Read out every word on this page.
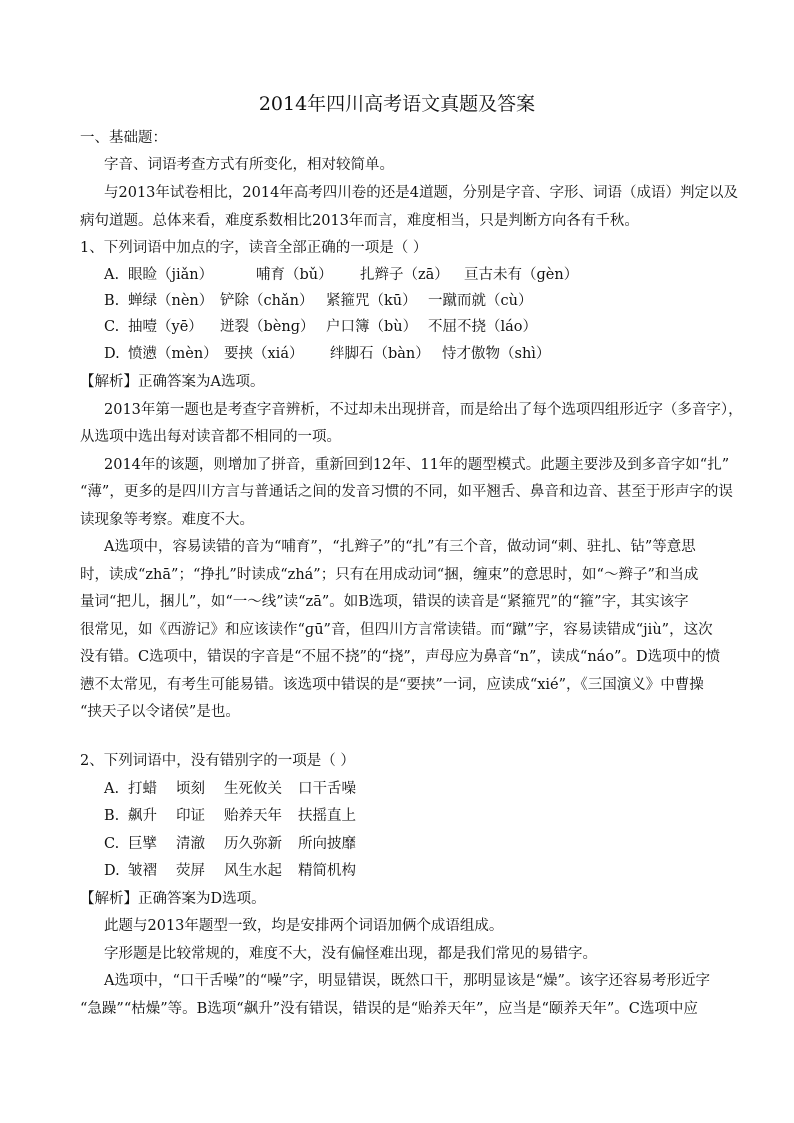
2014年四川高考语文真题及答案

一、基础题：

字音、词语考查方式有所变化，相对较简单。

与2013年试卷相比，2014年高考四川卷的还是4道题，分别是字音、字形、词语（成语）判定以及

病句道题。总体来看，难度系数相比2013年而言，难度相当，只是判断方向各有千秋。

1、下列词语中加点的字，读音全部正确的一项是（ ）

A. 眼睑（jiǎn）	哺育（bǔ） 扎辫子（zā） 亘古未有（ɡèn）
B. 蝉绿（nèn） 铲除（chǎn） 紧箍咒（kū） 一蹴而就（cù）
C. 抽噎（yē） 迸裂（bènɡ） 户口簿（bù） 不屈不挠（láo）
D. 愤懑（mèn） 要挟（xiá） 绊脚石（bàn） 恃才傲物（shì）

【解析】正确答案为A选项。

2013年第一题也是考查字音辨析，不过却未出现拼音，而是给出了每个选项四组形近字（多音字），

从选项中选出每对读音都不相同的一项。

2014年的该题，则增加了拼音，重新回到12年、11年的题型模式。此题主要涉及到多音字如“扎”

“薄”，更多的是四川方言与普通话之间的发音习惯的不同，如平翘舌、鼻音和边音、甚至于形声字的误

读现象等考察。难度不大。

A选项中，容易读错的音为“哺育”，“扎辫子”的“扎”有三个音，做动词“刺、驻扎、钻”等意思

时，读成“zhā”；“挣扎”时读成“zhá”；只有在用成动词“捆，缠束”的意思时，如“～辫子”和当成

量词“把儿，捆儿”，如“一～线”读“zā”。如B选项，错误的读音是“紧箍咒”的“箍”字，其实该字

很常见，如《西游记》和应该读作“ɡū”音，但四川方言常读错。而“蹴”字，容易读错成“jiù”，这次

没有错。C选项中，错误的字音是“不屈不挠”的“挠”，声母应为鼻音“n”，读成“náo”。D选项中的愤

懑不太常见，有考生可能易错。该选项中错误的是“要挟”一词，应读成“xié”，《三国演义》中曹操

“挟天子以令诸侯”是也。

2、下列词语中，没有错别字的一项是（ ）

A. 打蜡 顷刻 生死攸关 口干舌噪
B. 飙升 印证 贻养天年 扶摇直上
C. 巨擘 清澈 历久弥新 所向披靡
D. 皱褶 荧屏 风生水起 精简机构

【解析】正确答案为D选项。

此题与2013年题型一致，均是安排两个词语加俩个成语组成。

字形题是比较常规的，难度不大，没有偏怪难出现，都是我们常见的易错字。

A选项中，“口干舌噪”的“噪”字，明显错误，既然口干，那明显该是“燥”。该字还容易考形近字

“急躁”“枯燥”等。B选项“飙升”没有错误，错误的是“贻养天年”，应当是“颐养天年”。C选项中应
